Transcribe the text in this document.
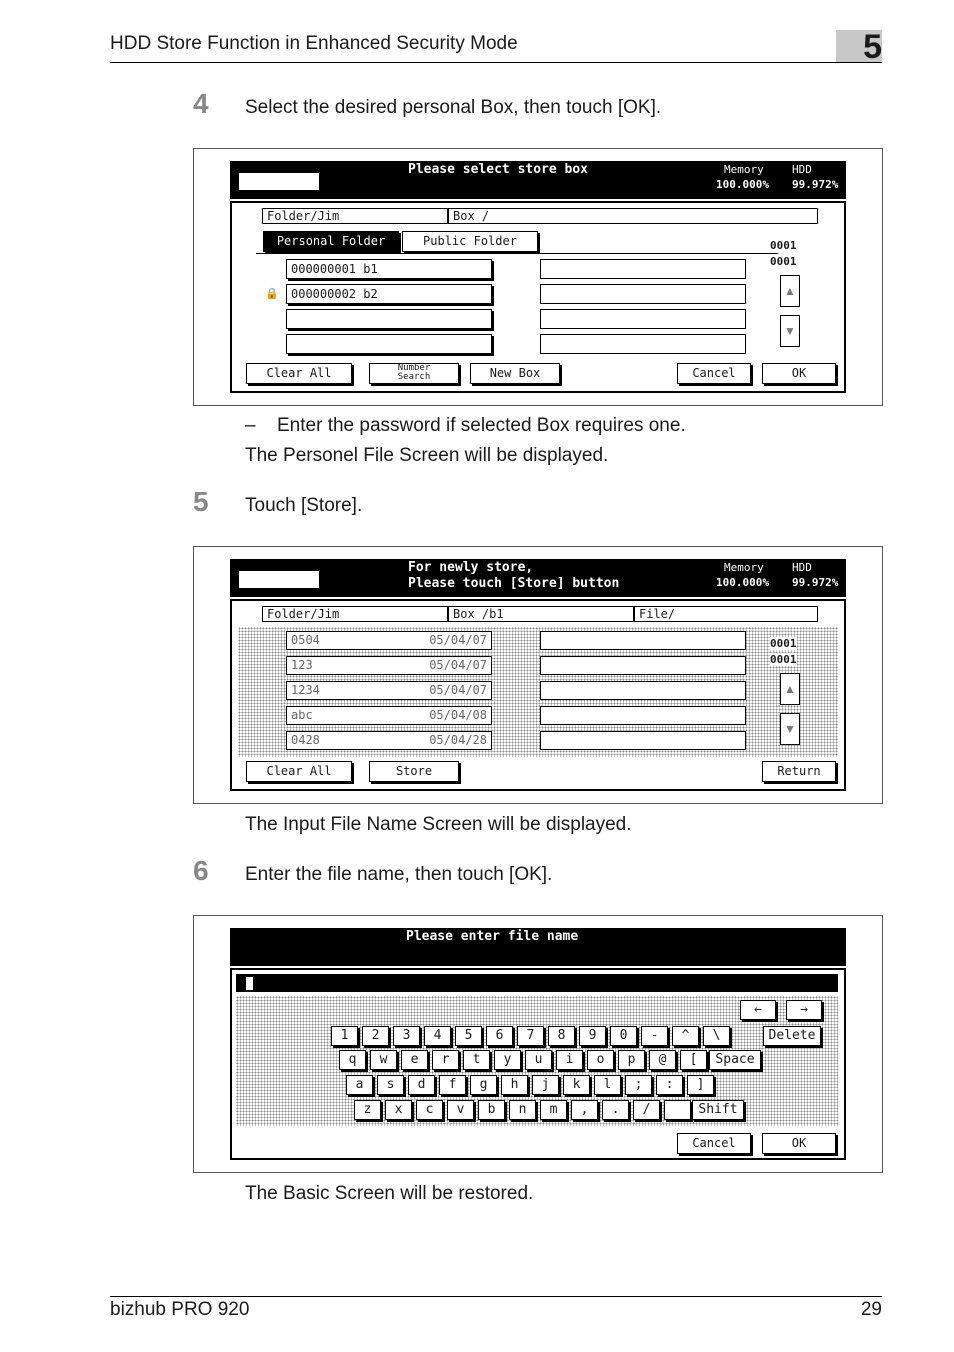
HDD Store Function in Enhanced Security Mode	5
4 Select the desired personal Box, then touch [OK].
Job List
Please select store box	Memory	HDD
100.000% 99.972%
Folder/Jim	Box /
Personal Folder	Public Folder
🔒
000000001 b1
000000002 b2
0001
0001
▲
▼
Clear All	Number
Search	New Box	Cancel	OK
– Enter the password if selected Box requires one.
The Personel File Screen will be displayed.
5 Touch [Store].
Job List
For newly store,
Please touch [Store] button
Memory	HDD
100.000% 99.972%
Folder/Jim	Box /b1	File/
0504	05/04/07
123	05/04/07
1234	05/04/07
abc	05/04/08
0428	05/04/28
0001
0001
▲
▼
Clear All	Store	Return
The Input File Name Screen will be displayed.
6 Enter the file name, then touch [OK].
Please enter file name
←	→
1	2	3	4	5	6	7	8	9	0	-	^	\	Delete
q	w	e	r	t	y	u	i	o	p	@	[	Space
a	s	d	f	g	h	j	k	l	;	:	]
z	x	c	v	b	n	m	,	.	/	Shift
Cancel	OK
The Basic Screen will be restored.
bizhub PRO 920	29
